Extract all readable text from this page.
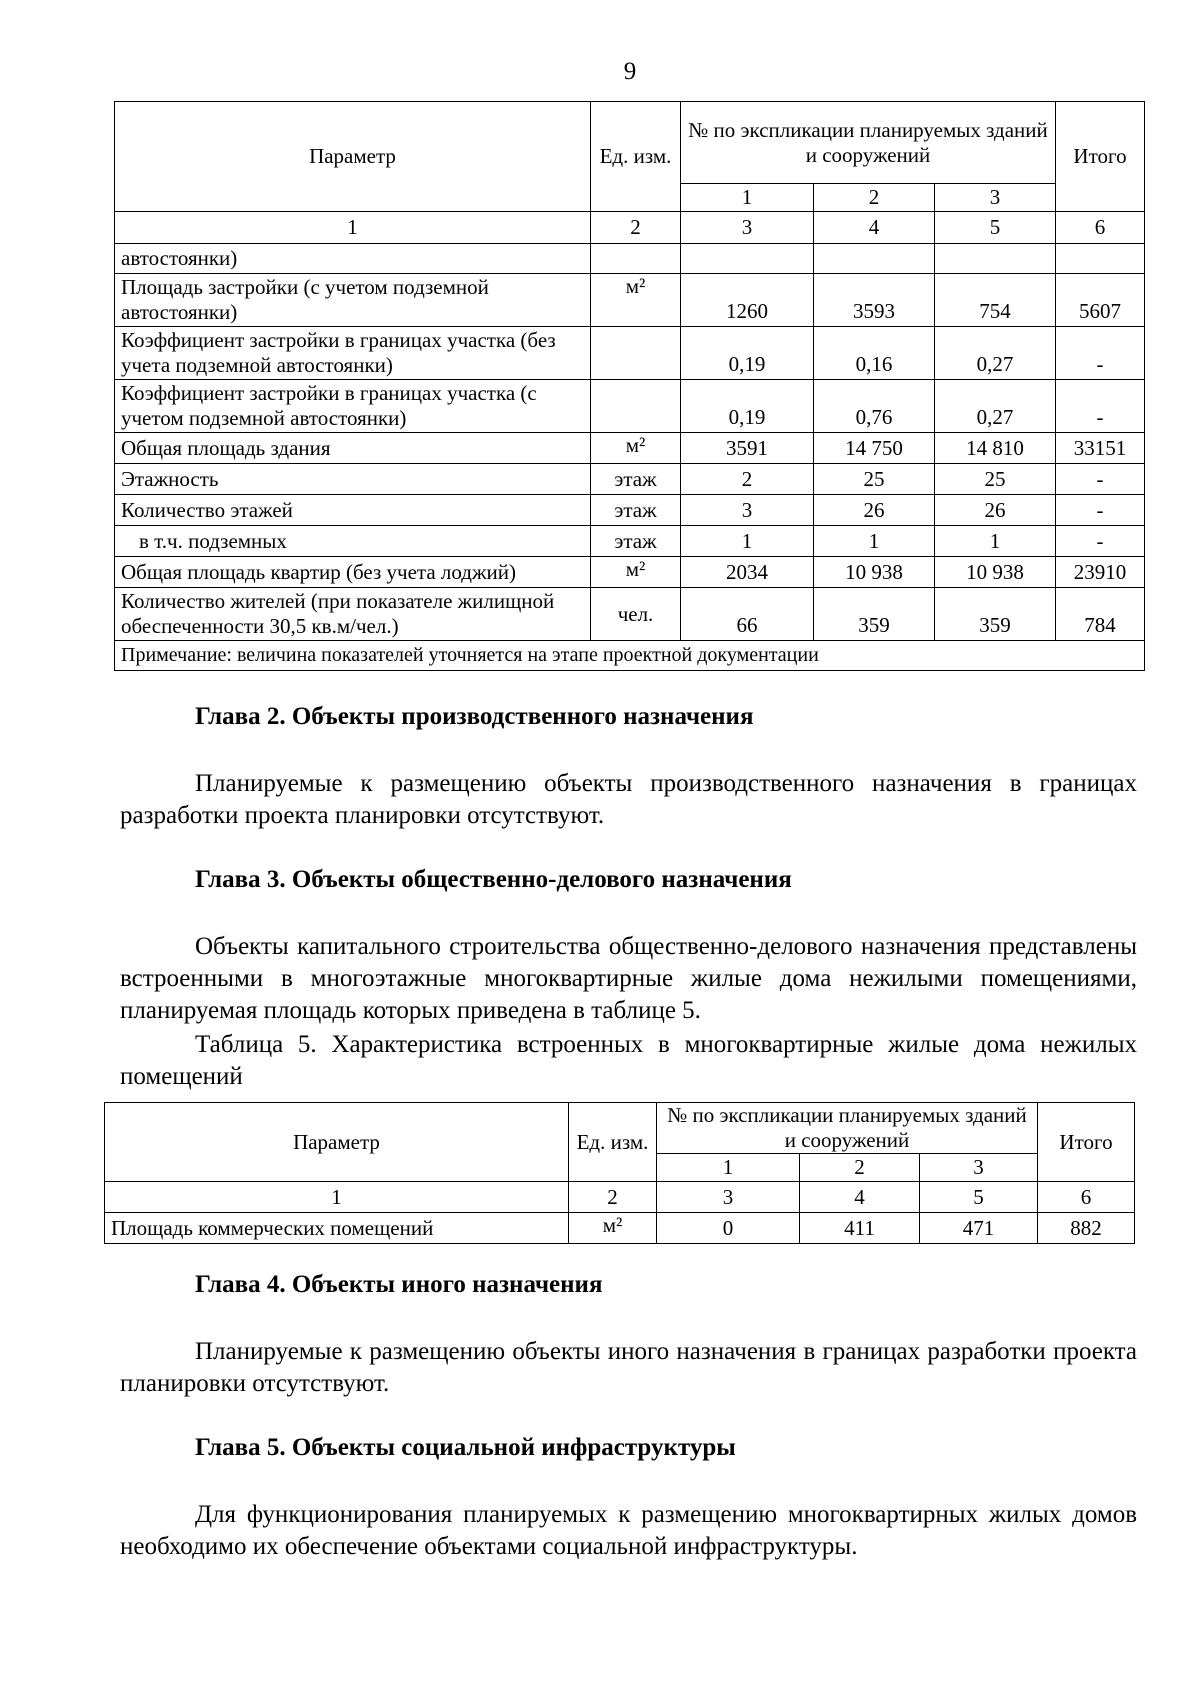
9
Параметр	Ед. изм.	№ по экспликации планируемых зданий и сооружений			Итого
		1	2	3	
1	2	3	4	5	6
автостоянки)					
Площадь застройки (с учетом подземной автостоянки)	м²	1260	3593	754	5607
Коэффициент застройки в границах участка (без учета подземной автостоянки)		0,19	0,16	0,27	-
Коэффициент застройки в границах участка (с учетом подземной автостоянки)		0,19	0,76	0,27	-
Общая площадь здания	м²	3591	14 750	14 810	33151
Этажность	этаж	2	25	25	-
Количество этажей	этаж	3	26	26	-
в т.ч. подземных	этаж	1	1	1	-
Общая площадь квартир (без учета лоджий)	м²	2034	10 938	10 938	23910
Количество жителей (при показателе жилищной обеспеченности 30,5 кв.м/чел.)	чел.	66	359	359	784
Примечание: величина показателей уточняется на этапе проектной документации					
Глава 2. Объекты производственного назначения

Планируемые к размещению объекты производственного назначения в границах разработки проекта планировки отсутствуют.

Глава 3. Объекты общественно-делового назначения

Объекты капитального строительства общественно-делового назначения представлены встроенными в многоэтажные многоквартирные жилые дома нежилыми помещениями, планируемая площадь которых приведена в таблице 5.

Таблица 5. Характеристика встроенных в многоквартирные жилые дома нежилых помещений

Параметр	Ед. изм.	№ по экспликации планируемых зданий и сооружений			Итого
		1	2	3	
1	2	3	4	5	6
Площадь коммерческих помещений	м²	0	411	471	882
Глава 4. Объекты иного назначения

Планируемые к размещению объекты иного назначения в границах разработки проекта планировки отсутствуют.

Глава 5. Объекты социальной инфраструктуры

Для функционирования планируемых к размещению многоквартирных жилых домов необходимо их обеспечение объектами социальной инфраструктуры.
